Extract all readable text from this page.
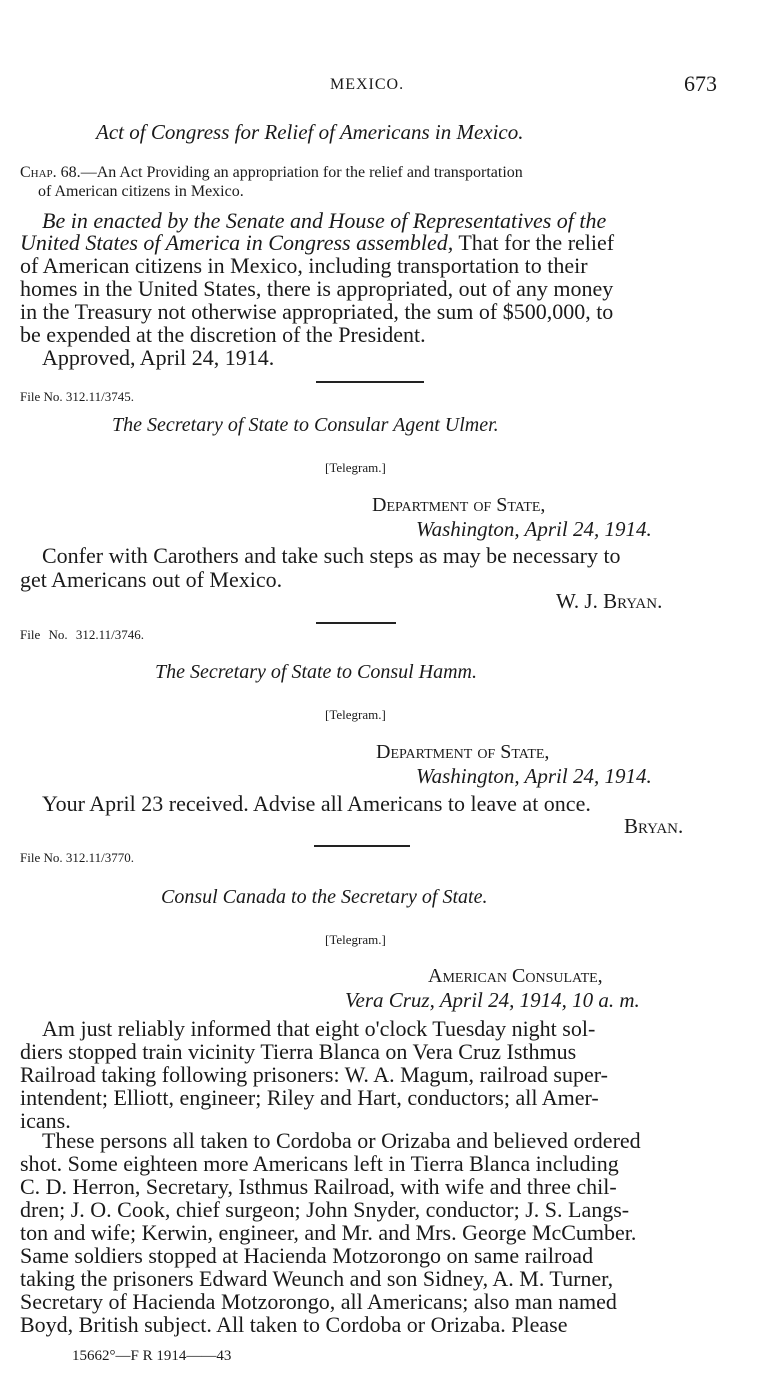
MEXICO.	673
Act of Congress for Relief of Americans in Mexico.
Chap. 68.—An Act Providing an appropriation for the relief and transportation
of American citizens in Mexico.
Be in enacted by the Senate and House of Representatives of the
United States of America in Congress assembled, That for the relief
of American citizens in Mexico, including transportation to their
homes in the United States, there is appropriated, out of any money
in the Treasury not otherwise appropriated, the sum of $500,000, to
be expended at the discretion of the President.
Approved, April 24, 1914.
File No. 312.11/3745.
The Secretary of State to Consular Agent Ulmer.
[Telegram.]
Department of State,
Washington, April 24, 1914.
Confer with Carothers and take such steps as may be necessary to
get Americans out of Mexico.
W. J. Bryan.
File No. 312.11/3746.
The Secretary of State to Consul Hamm.
[Telegram.]
Department of State,
Washington, April 24, 1914.
Your April 23 received. Advise all Americans to leave at once.
Bryan.
File No. 312.11/3770.
Consul Canada to the Secretary of State.
[Telegram.]
American Consulate,
Vera Cruz, April 24, 1914, 10 a. m.
Am just reliably informed that eight o'clock Tuesday night sol-
diers stopped train vicinity Tierra Blanca on Vera Cruz Isthmus
Railroad taking following prisoners: W. A. Magum, railroad super-
intendent; Elliott, engineer; Riley and Hart, conductors; all Amer-
icans.
These persons all taken to Cordoba or Orizaba and believed ordered
shot. Some eighteen more Americans left in Tierra Blanca including
C. D. Herron, Secretary, Isthmus Railroad, with wife and three chil-
dren; J. O. Cook, chief surgeon; John Snyder, conductor; J. S. Langs-
ton and wife; Kerwin, engineer, and Mr. and Mrs. George McCumber.
Same soldiers stopped at Hacienda Motzorongo on same railroad
taking the prisoners Edward Weunch and son Sidney, A. M. Turner,
Secretary of Hacienda Motzorongo, all Americans; also man named
Boyd, British subject. All taken to Cordoba or Orizaba. Please
15662°—F R 1914——43
